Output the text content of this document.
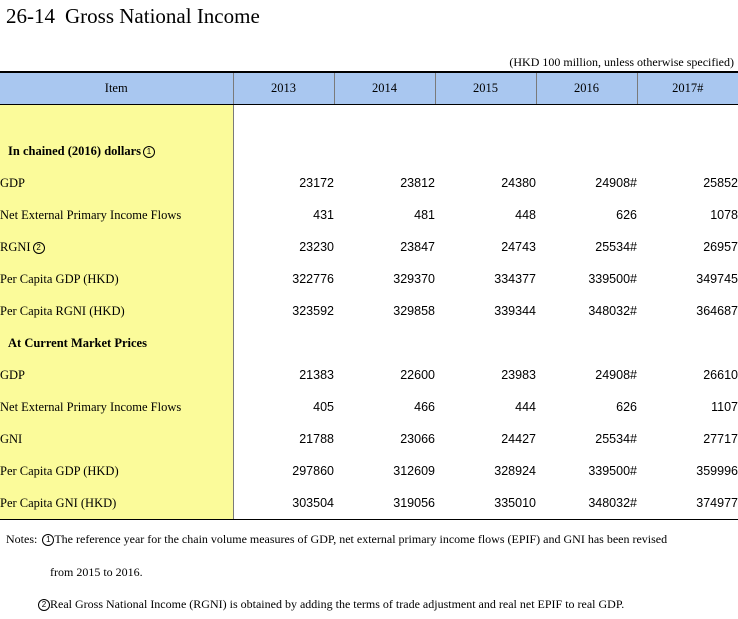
26-14 Gross National Income
(HKD 100 million, unless otherwise specified)
Item	2013	2014	2015	2016	2017#

In chained (2016) dollars 1					
GDP	23172	23812	24380	24908#	25852
Net External Primary Income Flows	431	481	448	626	1078
RGNI 2	23230	23847	24743	25534#	26957
Per Capita GDP (HKD)	322776	329370	334377	339500#	349745
Per Capita RGNI (HKD)	323592	329858	339344	348032#	364687
At Current Market Prices					
GDP	21383	22600	23983	24908#	26610
Net External Primary Income Flows	405	466	444	626	1107
GNI	21788	23066	24427	25534#	27717
Per Capita GDP (HKD)	297860	312609	328924	339500#	359996
Per Capita GNI (HKD)	303504	319056	335010	348032#	374977
Notes: 1 The reference year for the chain volume measures of GDP, net external primary income flows (EPIF) and GNI has been revised
from 2015 to 2016.
2 Real Gross National Income (RGNI) is obtained by adding the terms of trade adjustment and real net EPIF to real GDP.
